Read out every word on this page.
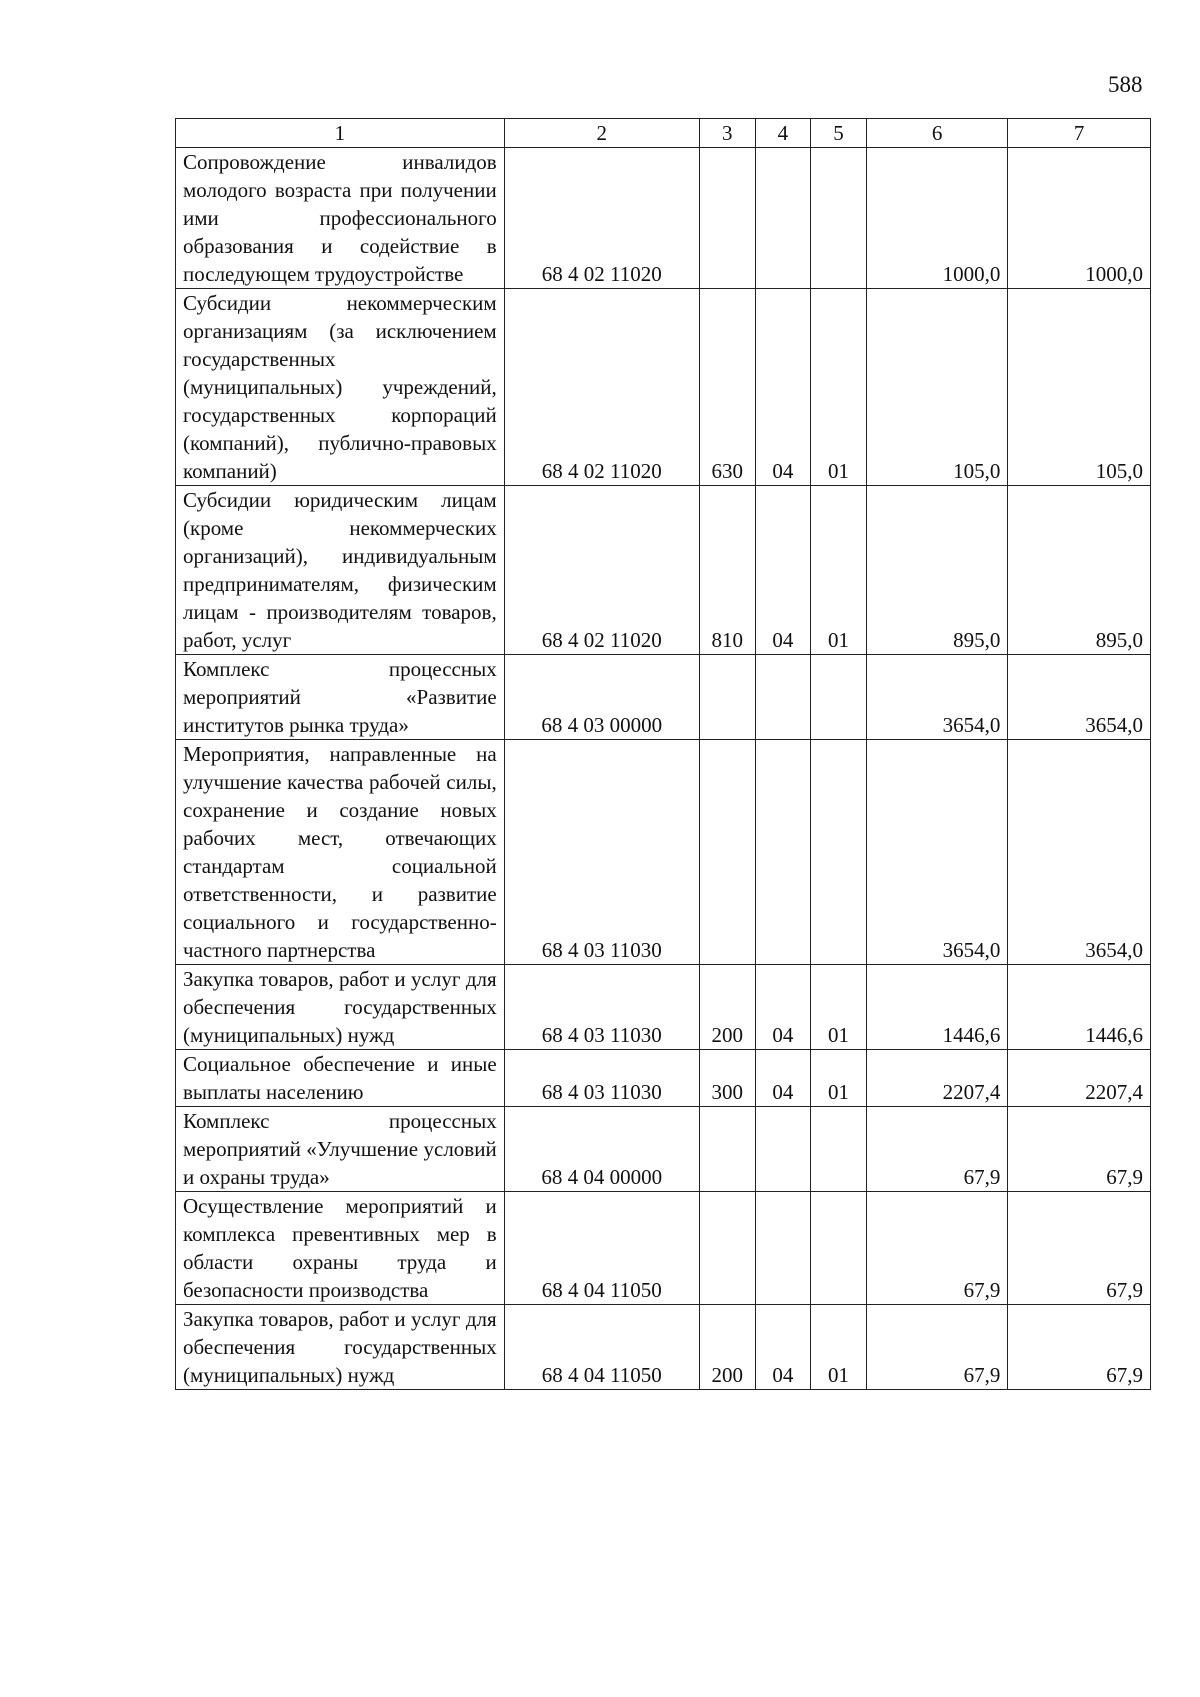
588
1	2	3	4	5	6	7
Сопровождение инвалидов молодого возраста при получении ими профессионального образования и содействие в последующем трудоустройстве	68 4 02 11020				1000,0	1000,0
Субсидии некоммерческим организациям (за исключением государственных (муниципальных) учреждений, государственных корпораций (компаний), публично-правовых компаний)	68 4 02 11020	630	04	01	105,0	105,0
Субсидии юридическим лицам (кроме некоммерческих организаций), индивидуальным предпринимателям, физическим лицам - производителям товаров, работ, услуг	68 4 02 11020	810	04	01	895,0	895,0
Комплекс процессных мероприятий «Развитие институтов рынка труда»	68 4 03 00000				3654,0	3654,0
Мероприятия, направленные на улучшение качества рабочей силы, сохранение и создание новых рабочих мест, отвечающих стандартам социальной ответственности, и развитие социального и государственно-частного партнерства	68 4 03 11030				3654,0	3654,0
Закупка товаров, работ и услуг для обеспечения государственных (муниципальных) нужд	68 4 03 11030	200	04	01	1446,6	1446,6
Социальное обеспечение и иные выплаты населению	68 4 03 11030	300	04	01	2207,4	2207,4
Комплекс процессных мероприятий «Улучшение условий и охраны труда»	68 4 04 00000				67,9	67,9
Осуществление мероприятий и комплекса превентивных мер в области охраны труда и безопасности производства	68 4 04 11050				67,9	67,9
Закупка товаров, работ и услуг для обеспечения государственных (муниципальных) нужд	68 4 04 11050	200	04	01	67,9	67,9
